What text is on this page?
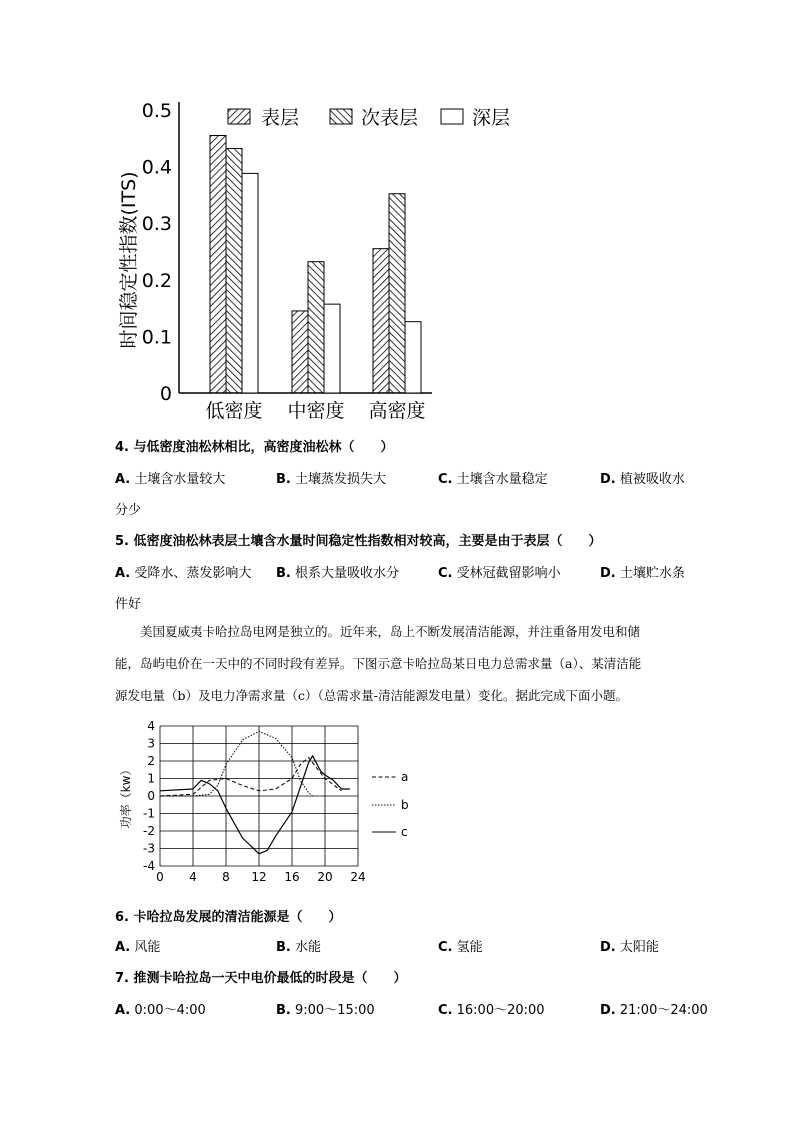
0
0.1
0.2
0.3
0.4
0.5
低密度 中密度 高密度
时间稳定性指数(ITS)
表层	次表层	深层
4. 与低密度油松林相比，高密度油松林（　　）
A. 土壤含水量较大	B. 土壤蒸发损失大	C. 土壤含水量稳定	D. 植被吸收水
分少
5. 低密度油松林表层土壤含水量时间稳定性指数相对较高，主要是由于表层（　　）
A. 受降水、蒸发影响大 B. 根系大量吸收水分	C. 受林冠截留影响小	D. 土壤贮水条
件好
美国夏威夷卡哈拉岛电网是独立的。近年来，岛上不断发展清洁能源，并注重备用发电和储
能，岛屿电价在一天中的不同时段有差异。下图示意卡哈拉岛某日电力总需求量（a）、某清洁能
源发电量（b）及电力净需求量（c）（总需求量-清洁能源发电量）变化。据此完成下面小题。
4
3
2
1
0
-1
-2
-3
-4
0 4 8 12 16 20 24
功率（kw）	a
b
c
6. 卡哈拉岛发展的清洁能源是（　　）
A. 风能	B. 水能	C. 氢能	D. 太阳能
7. 推测卡哈拉岛一天中电价最低的时段是（　　）
A. 0:00～4:00	B. 9:00～15:00	C. 16:00～20:00	D. 21:00～24:00
